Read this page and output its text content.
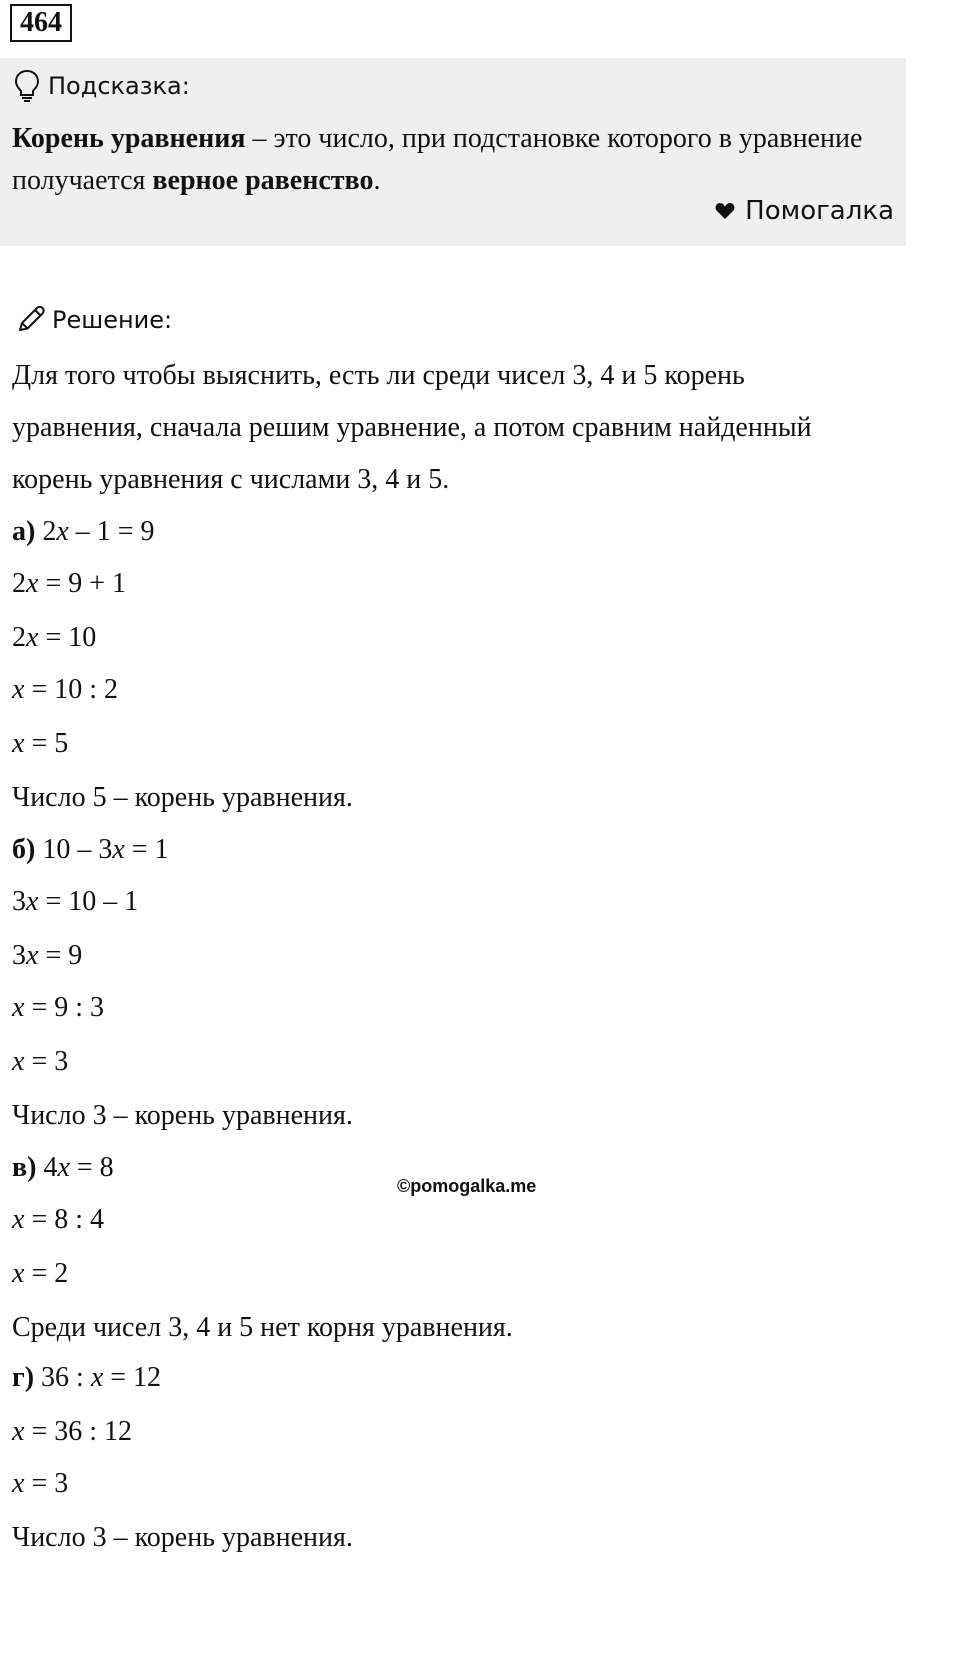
464
Подсказка:
Корень уравнения – это число, при подстановке которого в уравнение получается верное равенство.
Помогалка
Решение:
Для того чтобы выяснить, есть ли среди чисел 3, 4 и 5 корень
уравнения, сначала решим уравнение, а потом сравним найденный
корень уравнения с числами 3, 4 и 5.
а) 2x – 1 = 9
2x = 9 + 1
2x = 10
x = 10 : 2
x = 5
Число 5 – корень уравнения.
б) 10 – 3x = 1
3x = 10 – 1
3x = 9
x = 9 : 3
x = 3
Число 3 – корень уравнения.
в) 4x = 8
x = 8 : 4
x = 2
Среди чисел 3, 4 и 5 нет корня уравнения.
г) 36 : x = 12
x = 36 : 12
x = 3
Число 3 – корень уравнения.
©pomogalka.me
